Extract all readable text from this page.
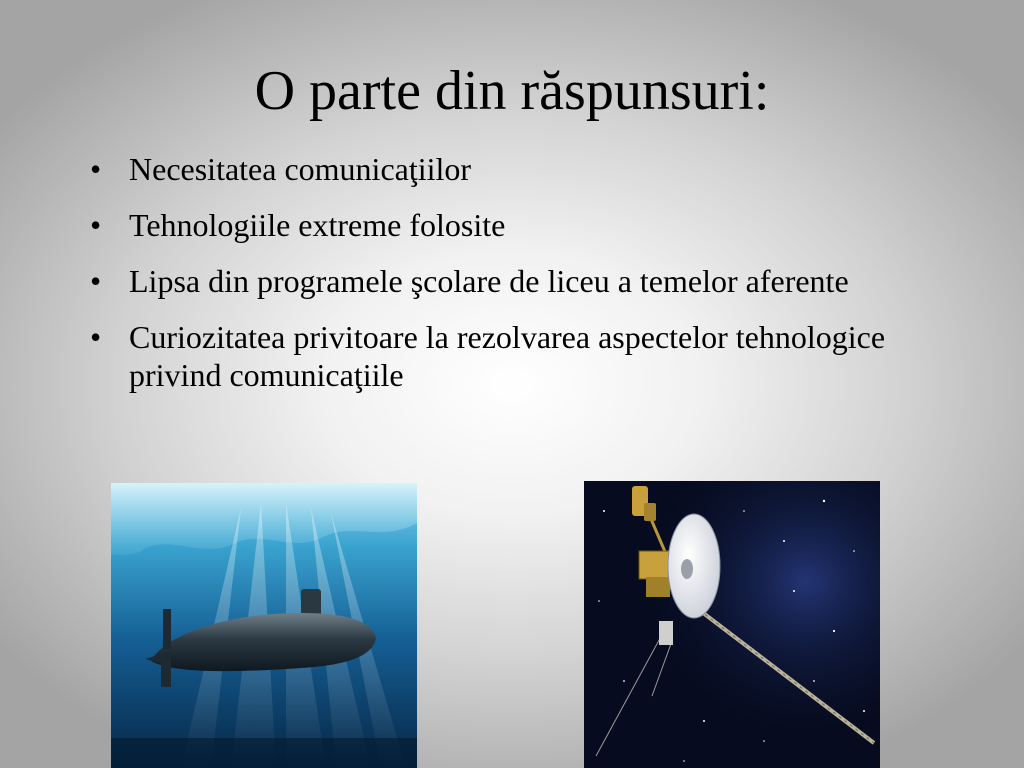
O parte din răspunsuri:
• Necesitatea comunicaţiilor
• Tehnologiile extreme folosite
• Lipsa din programele şcolare de liceu a temelor aferente
• Curiozitatea privitoare la rezolvarea aspectelor tehnologice privind comunicaţiile
